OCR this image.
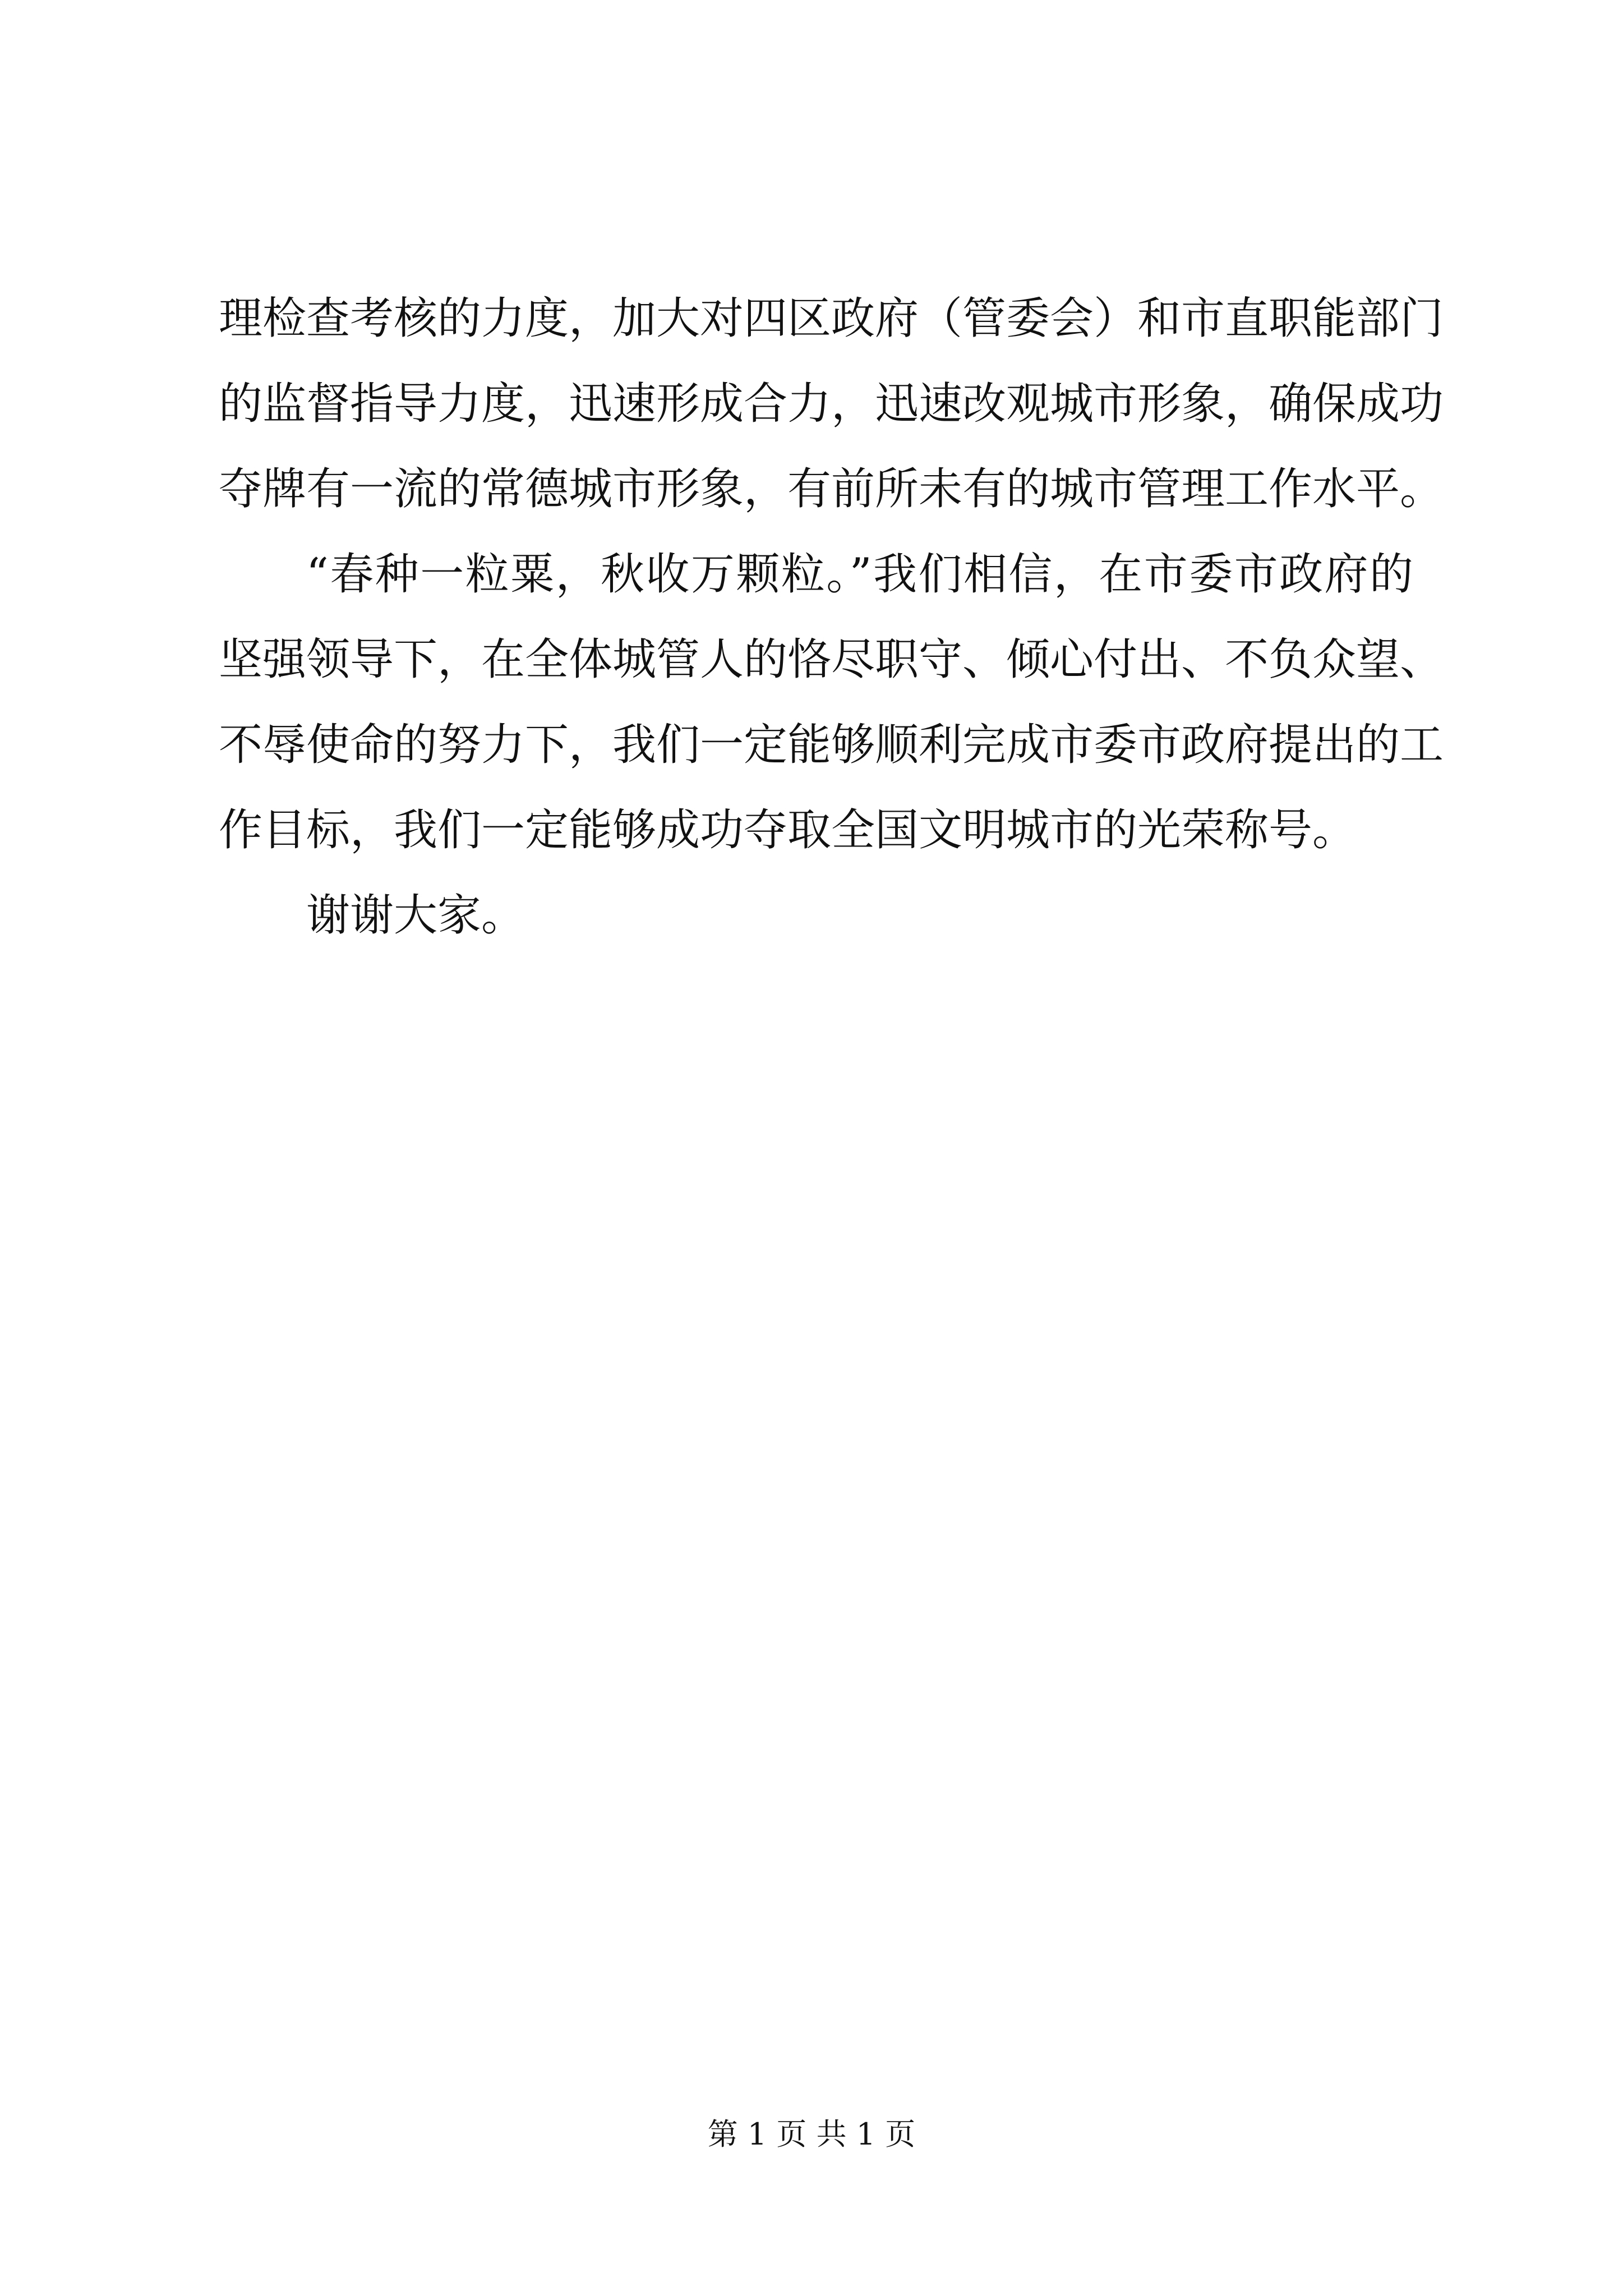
理检查考核的力度，加大对四区政府（管委会）和市直职能部门
的监督指导力度，迅速形成合力，迅速改观城市形象，确保成功
夺牌有一流的常德城市形象，有前所未有的城市管理工作水平。
“春种一粒粟，秋收万颗粒。”我们相信，在市委市政府的
坚强领导下，在全体城管人的恪尽职守、倾心付出、不负众望、
不辱使命的努力下，我们一定能够顺利完成市委市政府提出的工
作目标，我们一定能够成功夺取全国文明城市的光荣称号。
谢谢大家。
第 1 页 共 1 页
